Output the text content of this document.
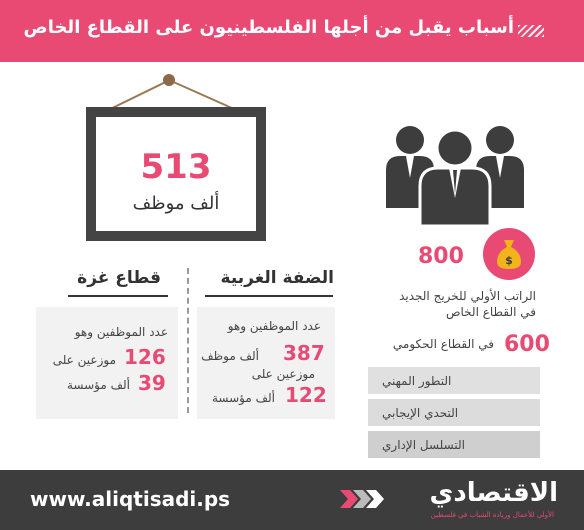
أسباب يقبل من أجلها الفلسطينيون على القطاع الخاص
513
ألف موظف
$
800
الراتب الأولي للخريج الجديد
في القطاع الخاص
600
في القطاع الحكومي
التطور المهني
التحدي الإيجابي
التسلسل الإداري
الضفة الغربية
قطاع غزة
عدد الموظفين وهو
387
ألف موظف
موزعين على
122
ألف مؤسسة
عدد الموظفين وهو
126
موزعين على
39
ألف مؤسسة
www.aliqtisadi.ps	الاقتصادي
الأولى للأعمال وريادة الشباب في فلسطين
